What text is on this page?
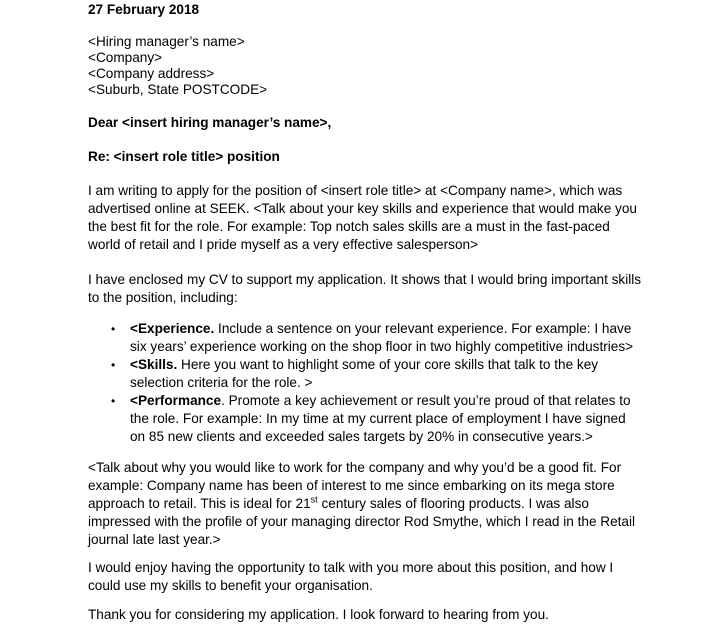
27 February 2018
<Hiring manager’s name>
<Company>
<Company address>
<Suburb, State POSTCODE>
Dear <insert hiring manager’s name>,
Re: <insert role title> position
I am writing to apply for the position of <insert role title> at <Company name>, which was
advertised online at SEEK. <Talk about your key skills and experience that would make you
the best fit for the role. For example: Top notch sales skills are a must in the fast-paced
world of retail and I pride myself as a very effective salesperson>
I have enclosed my CV to support my application. It shows that I would bring important skills
to the position, including:
• <Experience. Include a sentence on your relevant experience. For example: I have
six years’ experience working on the shop floor in two highly competitive industries>
• <Skills. Here you want to highlight some of your core skills that talk to the key
selection criteria for the role. >
• <Performance. Promote a key achievement or result you’re proud of that relates to
the role. For example: In my time at my current place of employment I have signed
on 85 new clients and exceeded sales targets by 20% in consecutive years.>
<Talk about why you would like to work for the company and why you’d be a good fit. For
example: Company name has been of interest to me since embarking on its mega store
approach to retail. This is ideal for 21st century sales of flooring products. I was also
impressed with the profile of your managing director Rod Smythe, which I read in the Retail
journal late last year.>
I would enjoy having the opportunity to talk with you more about this position, and how I
could use my skills to benefit your organisation.
Thank you for considering my application. I look forward to hearing from you.
